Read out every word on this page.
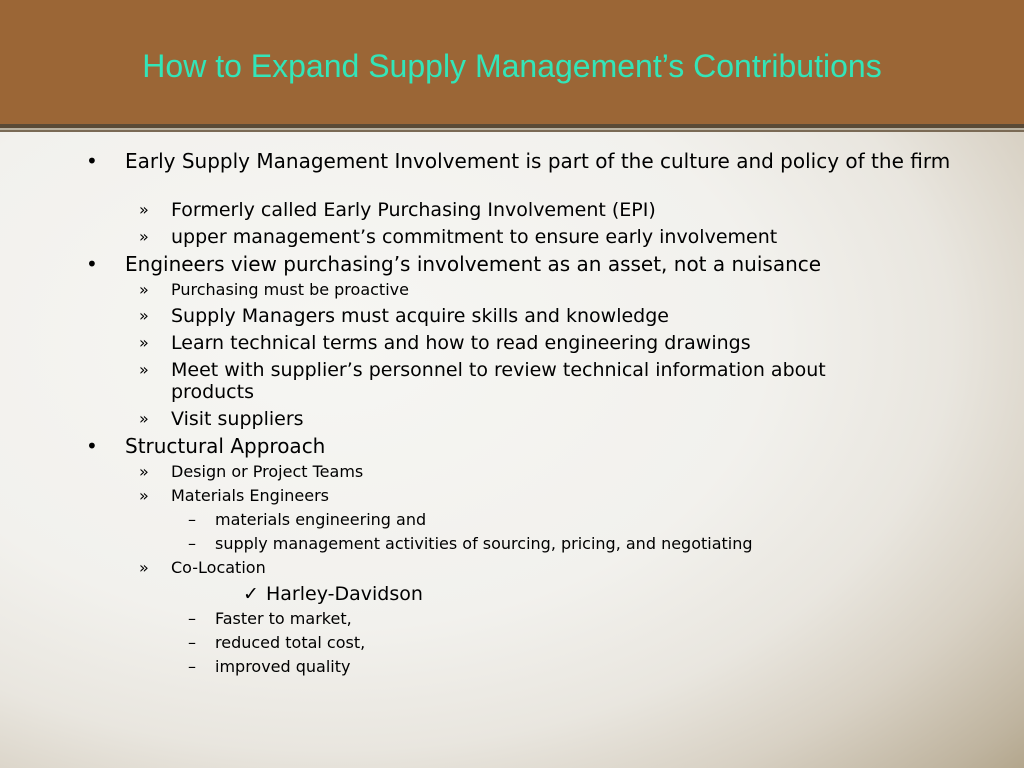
How to Expand Supply Management’s Contributions
• Early Supply Management Involvement is part of the culture and policy of the firm
» Formerly called Early Purchasing Involvement (EPI)
» upper management’s commitment to ensure early involvement
• Engineers view purchasing’s involvement as an asset, not a nuisance
» Purchasing must be proactive
» Supply Managers must acquire skills and knowledge
» Learn technical terms and how to read engineering drawings
» Meet with supplier’s personnel to review technical information about products
» Visit suppliers
• Structural Approach
» Design or Project Teams
» Materials Engineers
– materials engineering and
– supply management activities of sourcing, pricing, and negotiating
» Co-Location
✓ Harley-Davidson
– Faster to market,
– reduced total cost,
– improved quality
